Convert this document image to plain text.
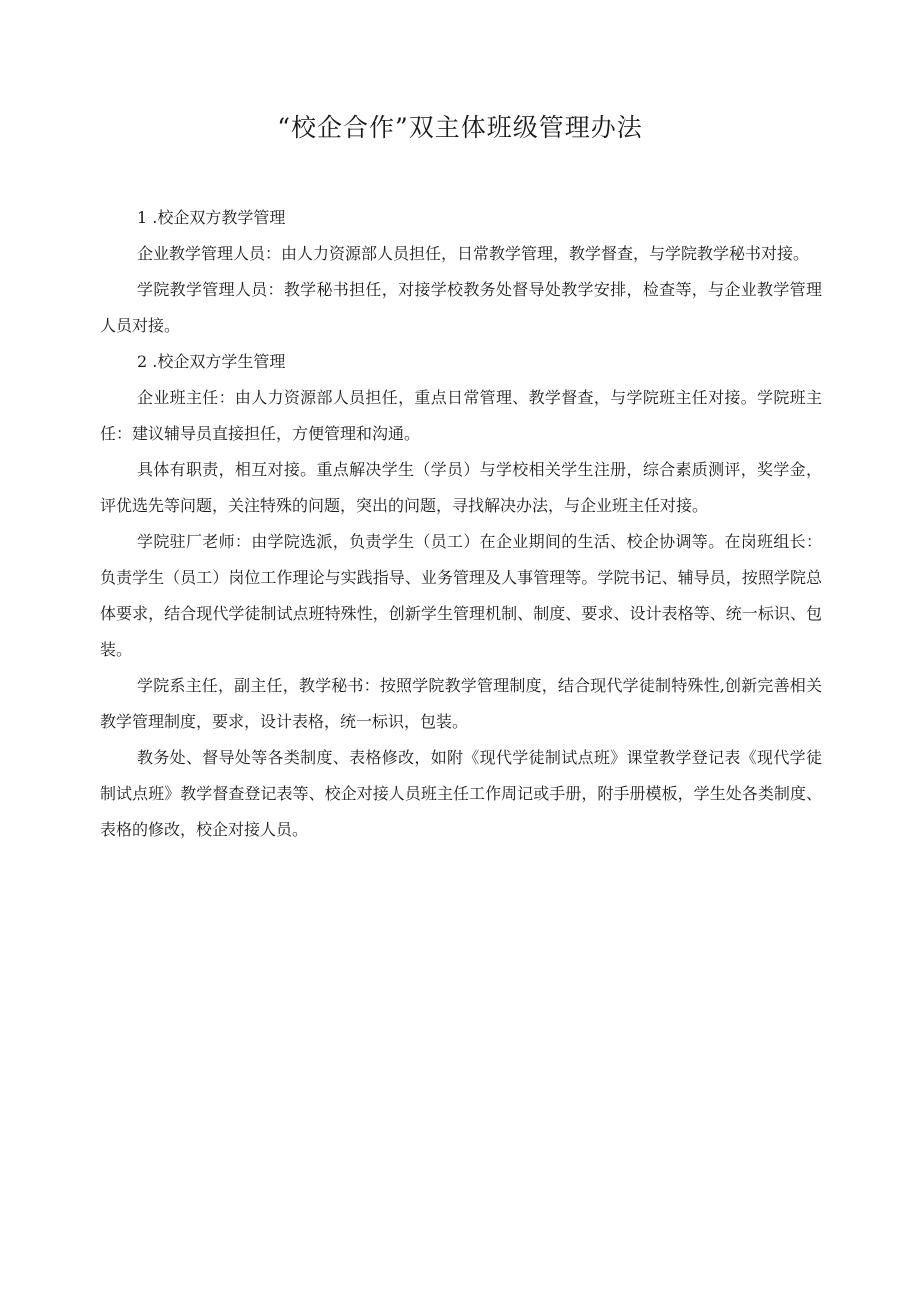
“校企合作”双主体班级管理办法

1 .校企双方教学管理

企业教学管理人员：由人力资源部人员担任，日常教学管理，教学督查，与学院教学秘书对接。

学院教学管理人员：教学秘书担任，对接学校教务处督导处教学安排，检查等，与企业教学管理人员对接。

2 .校企双方学生管理

企业班主任：由人力资源部人员担任，重点日常管理、教学督查，与学院班主任对接。学院班主任：建议辅导员直接担任，方便管理和沟通。

具体有职责，相互对接。重点解决学生（学员）与学校相关学生注册，综合素质测评，奖学金，评优选先等问题，关注特殊的问题，突出的问题，寻找解决办法，与企业班主任对接。

学院驻厂老师：由学院选派，负责学生（员工）在企业期间的生活、校企协调等。在岗班组长：负责学生（员工）岗位工作理论与实践指导、业务管理及人事管理等。学院书记、辅导员，按照学院总体要求，结合现代学徒制试点班特殊性，创新学生管理机制、制度、要求、设计表格等、统一标识、包装。

学院系主任，副主任，教学秘书：按照学院教学管理制度，结合现代学徒制特殊性,创新完善相关教学管理制度，要求，设计表格，统一标识，包装。

教务处、督导处等各类制度、表格修改，如附《现代学徒制试点班》课堂教学登记表《现代学徒制试点班》教学督查登记表等、校企对接人员班主任工作周记或手册，附手册模板，学生处各类制度、表格的修改，校企对接人员。
